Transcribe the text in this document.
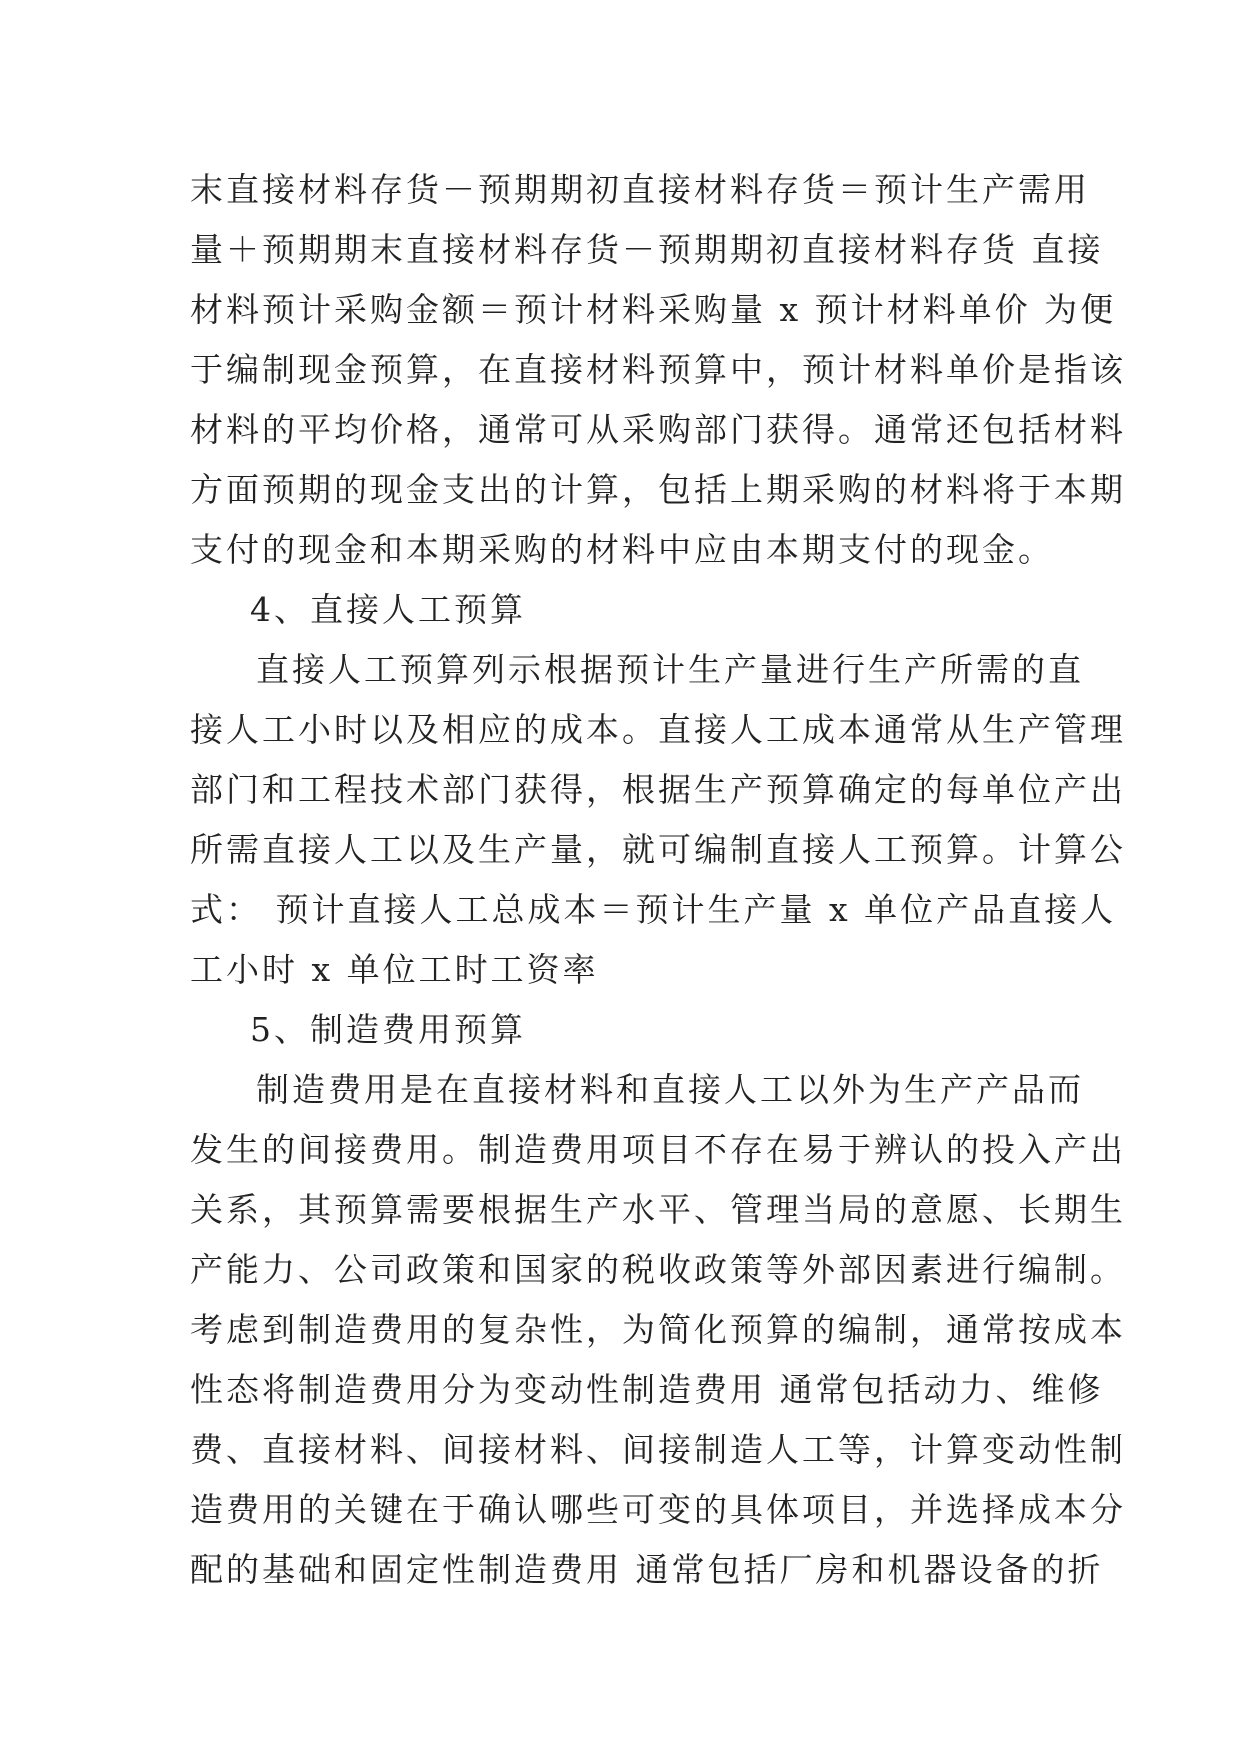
末直接材料存货－预期期初直接材料存货＝预计生产需用
量＋预期期末直接材料存货－预期期初直接材料存货 直接
材料预计采购金额＝预计材料采购量 x 预计材料单价 为便
于编制现金预算，在直接材料预算中，预计材料单价是指该
材料的平均价格，通常可从采购部门获得。通常还包括材料
方面预期的现金支出的计算，包括上期采购的材料将于本期
支付的现金和本期采购的材料中应由本期支付的现金。
4、直接人工预算
直接人工预算列示根据预计生产量进行生产所需的直
接人工小时以及相应的成本。直接人工成本通常从生产管理
部门和工程技术部门获得，根据生产预算确定的每单位产出
所需直接人工以及生产量，就可编制直接人工预算。计算公
式： 预计直接人工总成本＝预计生产量 x 单位产品直接人
工小时 x 单位工时工资率
5、制造费用预算
制造费用是在直接材料和直接人工以外为生产产品而
发生的间接费用。制造费用项目不存在易于辨认的投入产出
关系，其预算需要根据生产水平、管理当局的意愿、长期生
产能力、公司政策和国家的税收政策等外部因素进行编制。
考虑到制造费用的复杂性，为简化预算的编制，通常按成本
性态将制造费用分为变动性制造费用 通常包括动力、维修
费、直接材料、间接材料、间接制造人工等，计算变动性制
造费用的关键在于确认哪些可变的具体项目，并选择成本分
配的基础和固定性制造费用 通常包括厂房和机器设备的折
